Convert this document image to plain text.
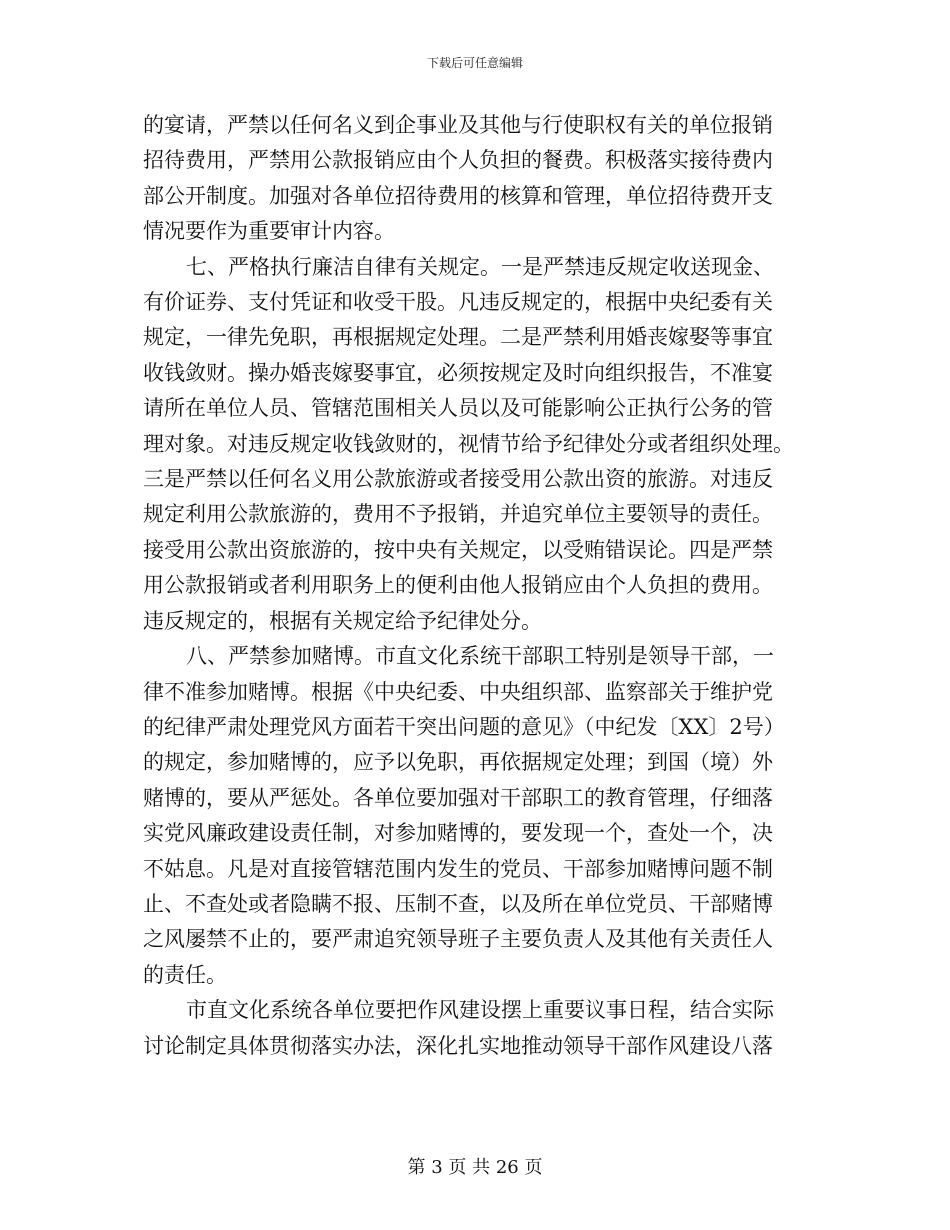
下载后可任意编辑
的宴请，严禁以任何名义到企事业及其他与行使职权有关的单位报销
招待费用，严禁用公款报销应由个人负担的餐费。积极落实接待费内
部公开制度。加强对各单位招待费用的核算和管理，单位招待费开支
情况要作为重要审计内容。
七、严格执行廉洁自律有关规定。一是严禁违反规定收送现金、
有价证券、支付凭证和收受干股。凡违反规定的，根据中央纪委有关
规定，一律先免职，再根据规定处理。二是严禁利用婚丧嫁娶等事宜
收钱敛财。操办婚丧嫁娶事宜，必须按规定及时向组织报告，不准宴
请所在单位人员、管辖范围相关人员以及可能影响公正执行公务的管
理对象。对违反规定收钱敛财的，视情节给予纪律处分或者组织处理。
三是严禁以任何名义用公款旅游或者接受用公款出资的旅游。对违反
规定利用公款旅游的，费用不予报销，并追究单位主要领导的责任。
接受用公款出资旅游的，按中央有关规定，以受贿错误论。四是严禁
用公款报销或者利用职务上的便利由他人报销应由个人负担的费用。
违反规定的，根据有关规定给予纪律处分。
八、严禁参加赌博。市直文化系统干部职工特别是领导干部，一
律不准参加赌博。根据《中央纪委、中央组织部、监察部关于维护党
的纪律严肃处理党风方面若干突出问题的意见》（中纪发〔XX〕2号）
的规定，参加赌博的，应予以免职，再依据规定处理；到国（境）外
赌博的，要从严惩处。各单位要加强对干部职工的教育管理，仔细落
实党风廉政建设责任制，对参加赌博的，要发现一个，查处一个，决
不姑息。凡是对直接管辖范围内发生的党员、干部参加赌博问题不制
止、不查处或者隐瞒不报、压制不查，以及所在单位党员、干部赌博
之风屡禁不止的，要严肃追究领导班子主要负责人及其他有关责任人
的责任。
市直文化系统各单位要把作风建设摆上重要议事日程，结合实际
讨论制定具体贯彻落实办法，深化扎实地推动领导干部作风建设八落
第 3 页 共 26 页
